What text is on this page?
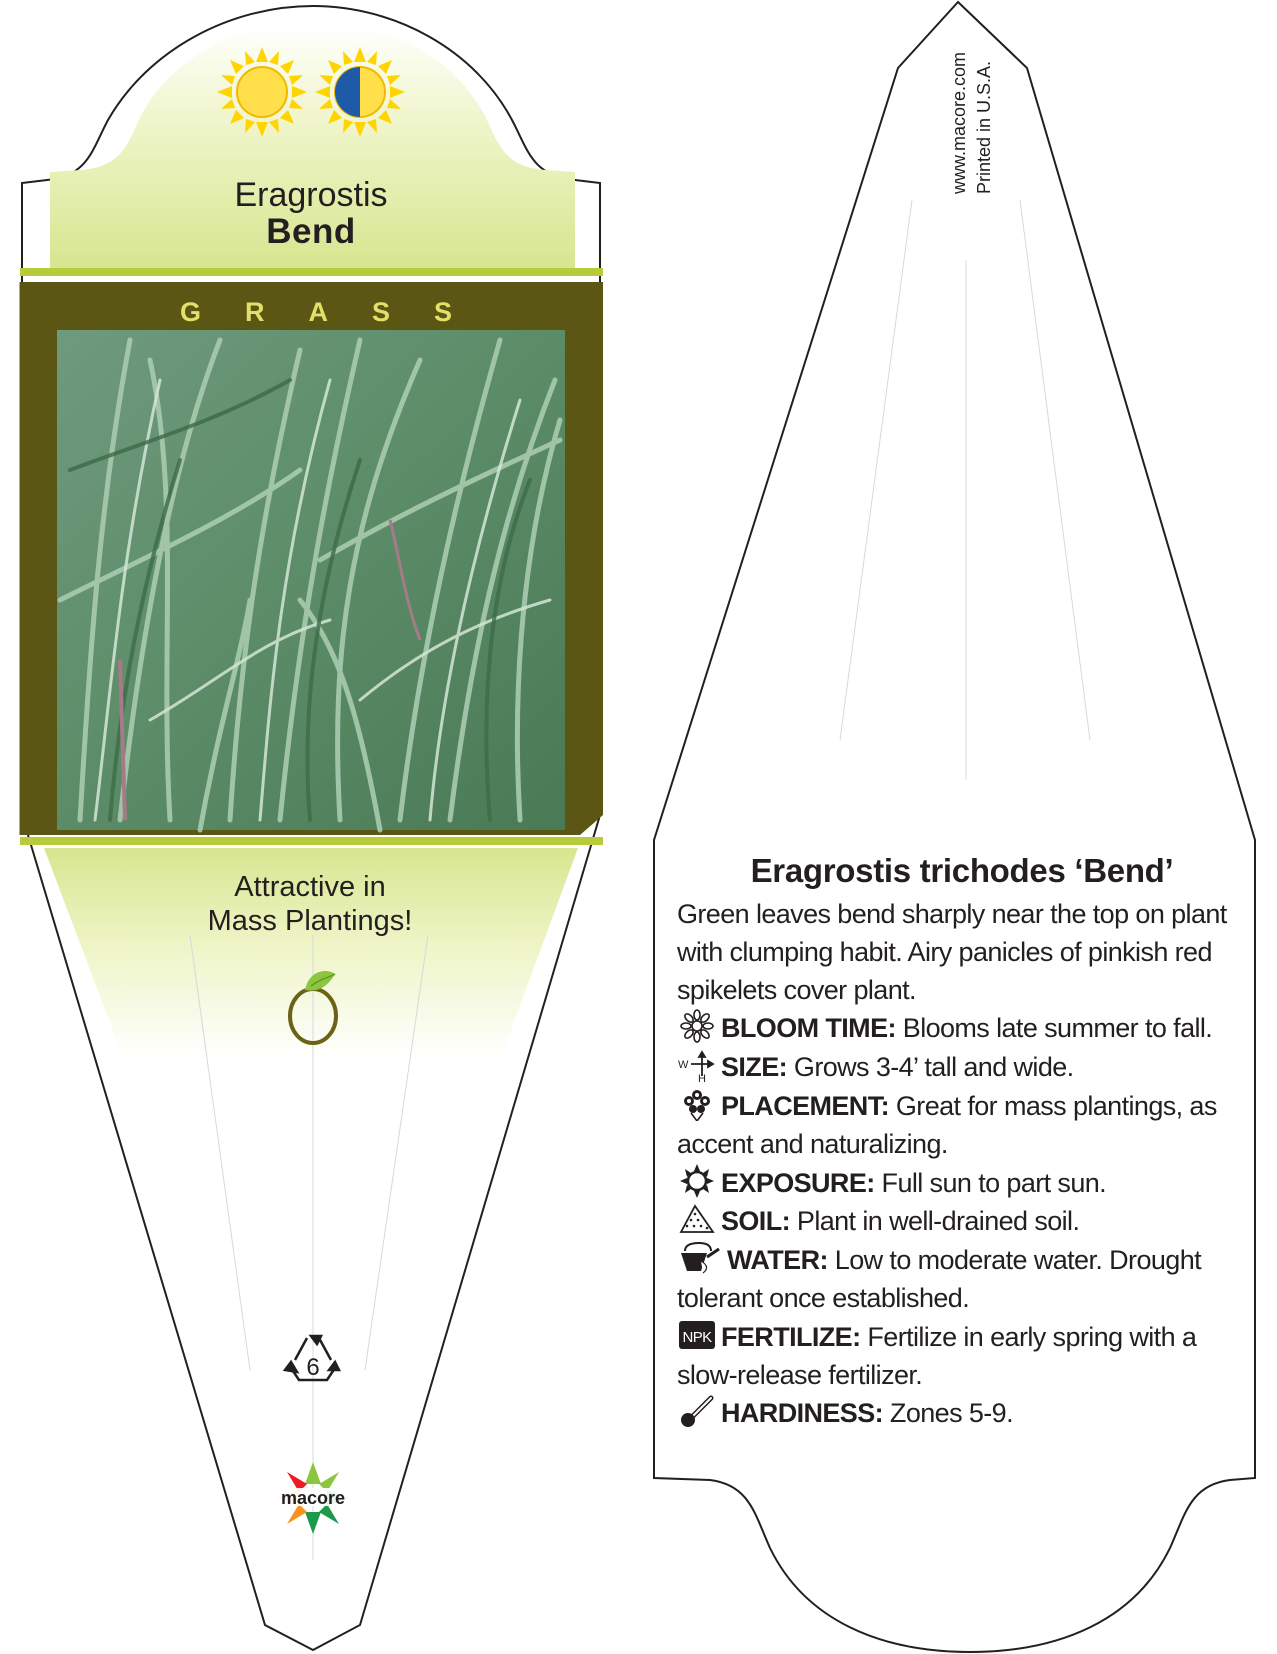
6
macore
Eragrostis
Bend
G R A S S
Attractive in
Mass Plantings!
Printed in U.S.A.
www.macore.com
Eragrostis trichodes ‘Bend’

Green leaves bend sharply near the top on plant with clumping habit. Airy panicles of pinkish red spikelets cover plant.

BLOOM TIME: Blooms late summer to fall.

W
H SIZE: Grows 3-4’ tall and wide.

PLACEMENT: Great for mass plantings, as accent and naturalizing.

EXPOSURE: Full sun to part sun.

SOIL: Plant in well-drained soil.

WATER: Low to moderate water. Drought tolerant once established.

NPK FERTILIZE: Fertilize in early spring with a slow-release fertilizer.

HARDINESS: Zones 5-9.
